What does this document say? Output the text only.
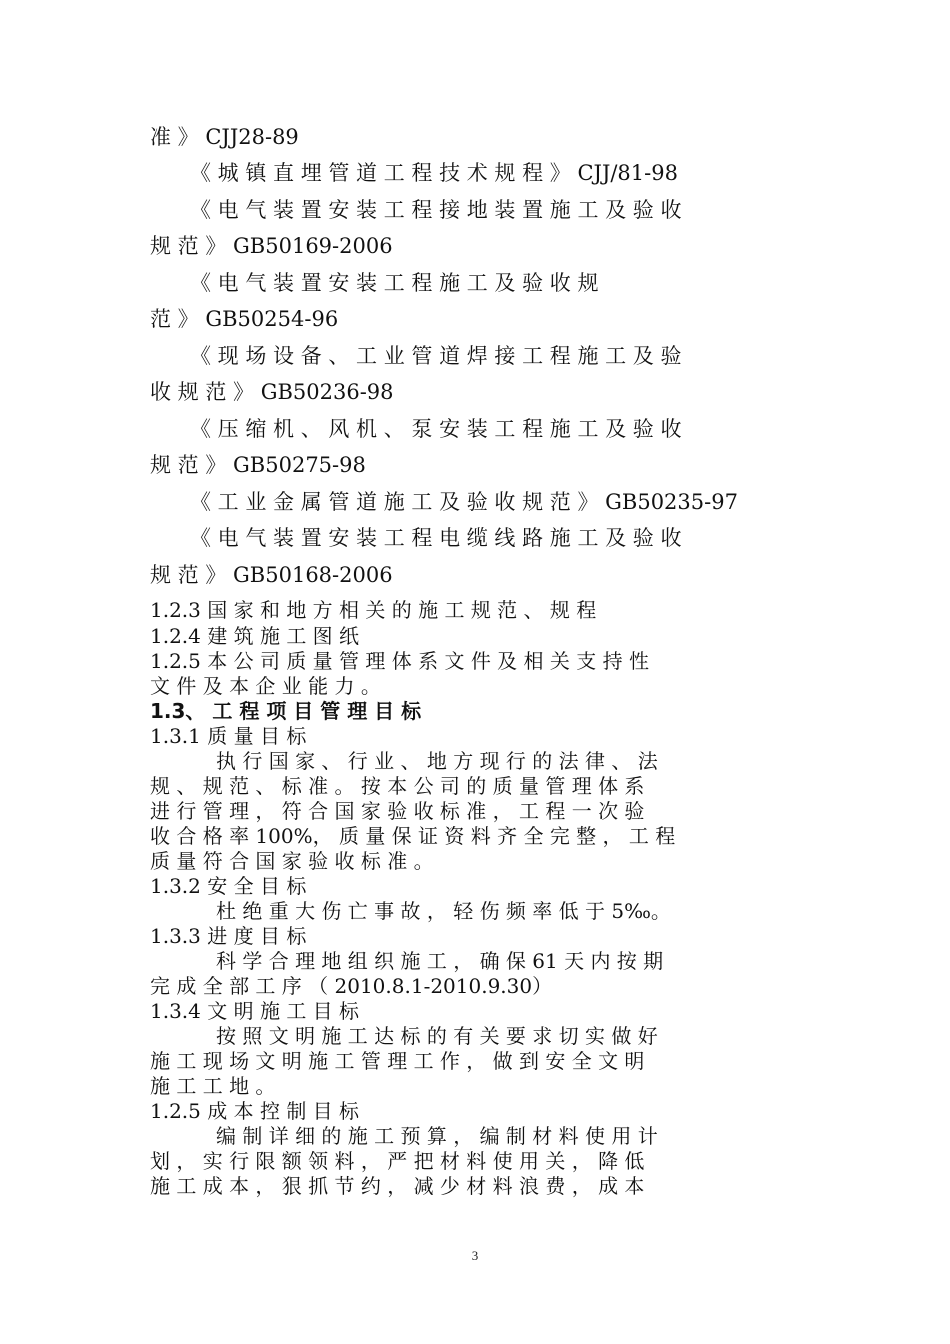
准 》 CJJ28-89
《 城 镇 直 埋 管 道 工 程 技 术 规 程 》 CJJ/81-98
《 电 气 装 置 安 装 工 程 接 地 装 置 施 工 及 验 收
规 范 》 GB50169-2006
《 电 气 装 置 安 装 工 程 施 工 及 验 收 规
范 》 GB50254-96
《 现 场 设 备 、 工 业 管 道 焊 接 工 程 施 工 及 验
收 规 范 》 GB50236-98
《 压 缩 机 、 风 机 、 泵 安 装 工 程 施 工 及 验 收
规 范 》 GB50275-98
《 工 业 金 属 管 道 施 工 及 验 收 规 范 》 GB50235-97
《 电 气 装 置 安 装 工 程 电 缆 线 路 施 工 及 验 收
规 范 》 GB50168-2006
1.2.3 国 家 和 地 方 相 关 的 施 工 规 范 、 规 程
1.2.4 建 筑 施 工 图 纸
1.2.5 本 公 司 质 量 管 理 体 系 文 件 及 相 关 支 持 性
文 件 及 本 企 业 能 力 。
1.3、 工 程 项 目 管 理 目 标
1.3.1 质 量 目 标
执 行 国 家 、 行 业 、 地 方 现 行 的 法 律 、 法
规 、 规 范 、 标 准 。 按 本 公 司 的 质 量 管 理 体 系
进 行 管 理 ， 符 合 国 家 验 收 标 准 ， 工 程 一 次 验
收 合 格 率 100%， 质 量 保 证 资 料 齐 全 完 整 ， 工 程
质 量 符 合 国 家 验 收 标 准 。
1.3.2 安 全 目 标
杜 绝 重 大 伤 亡 事 故 ， 轻 伤 频 率 低 于 5‰。
1.3.3 进 度 目 标
科 学 合 理 地 组 织 施 工 ， 确 保 61 天 内 按 期
完 成 全 部 工 序 （ 2010.8.1-2010.9.30）
1.3.4 文 明 施 工 目 标
按 照 文 明 施 工 达 标 的 有 关 要 求 切 实 做 好
施 工 现 场 文 明 施 工 管 理 工 作 ， 做 到 安 全 文 明
施 工 工 地 。
1.2.5 成 本 控 制 目 标
编 制 详 细 的 施 工 预 算 ， 编 制 材 料 使 用 计
划 ， 实 行 限 额 领 料 ， 严 把 材 料 使 用 关 ， 降 低
施 工 成 本 ， 狠 抓 节 约 ， 减 少 材 料 浪 费 ， 成 本
3
